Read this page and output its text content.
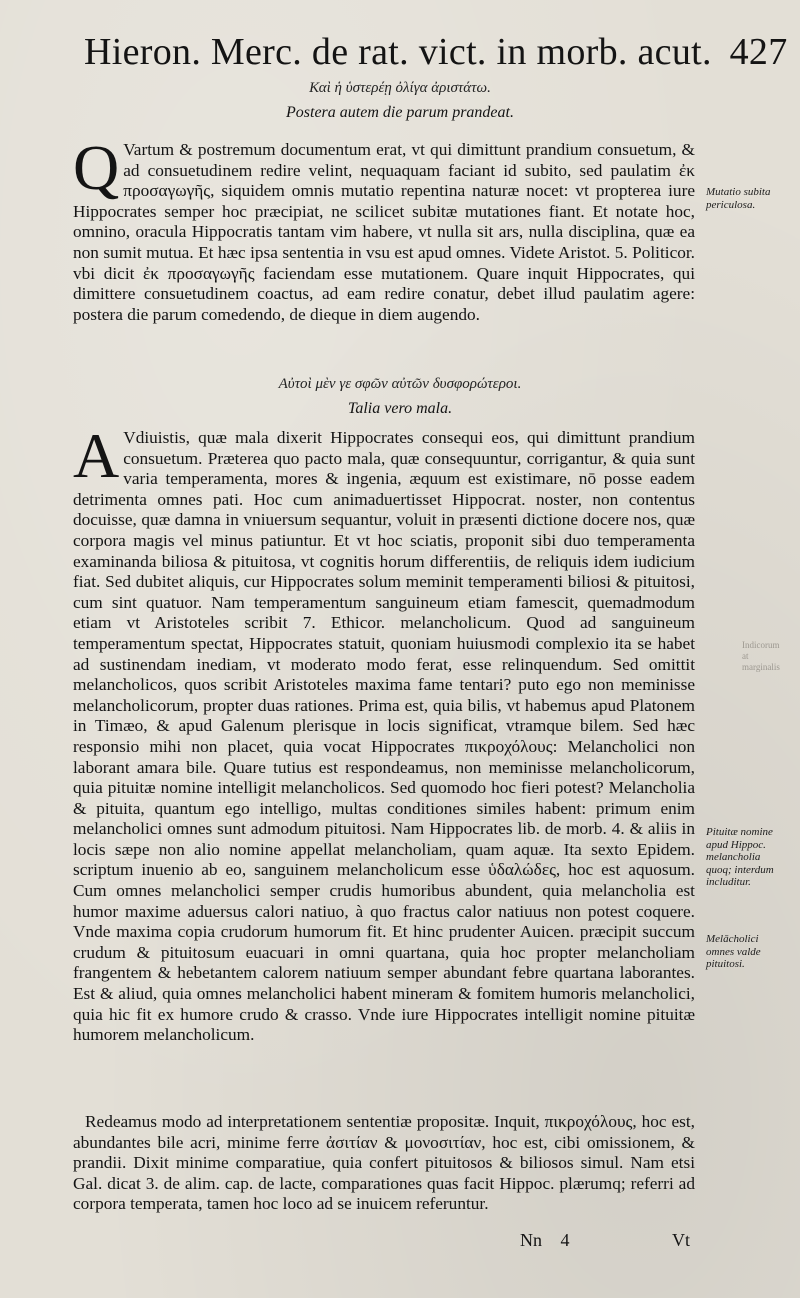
Hieron. Merc. de rat. vict. in morb. acut. 427
Καὶ ἡ ὑστερέῃ ὀλίγα ἀριστάτω.
Postera autem die parum prandeat.
Q Vartum & postremum documentum erat, vt qui dimittunt prandium consuetum, & ad consuetudinem redire velint, nequaquam faciant id subito, sed paulatim ἐκ προσαγωγῆς, siquidem omnis mutatio repentina naturæ nocet: vt propterea iure Hippocrates semper hoc præcipiat, ne scilicet subitæ mutationes fiant. Et notate hoc, omnino, oracula Hippocratis tantam vim habere, vt nulla sit ars, nulla disciplina, quæ ea non sumit mutua. Et hæc ipsa sententia in vsu est apud omnes. Videte Aristot. 5. Politicor. vbi dicit ἐκ προσαγωγῆς faciendam esse mutationem. Quare inquit Hippocrates, qui dimittere consuetudinem coactus, ad eam redire conatur, debet illud paulatim agere: postera die parum comedendo, de dieque in diem augendo.
Mutatio subita periculosa.
Αὐτοὶ μὲν γε σφῶν αὐτῶν δυσφορώτεροι.
Talia vero mala.
A Vdiuistis, quæ mala dixerit Hippocrates consequi eos, qui dimittunt prandium consuetum. Præterea quo pacto mala, quæ consequuntur, corrigantur, & quia sunt varia temperamenta, mores & ingenia, æquum est existimare, nō posse eadem detrimenta omnes pati. Hoc cum animaduertisset Hippocrat. noster, non contentus docuisse, quæ damna in vniuersum sequantur, voluit in præsenti dictione docere nos, quæ corpora magis vel minus patiuntur. Et vt hoc sciatis, proponit sibi duo temperamenta examinanda biliosa & pituitosa, vt cognitis horum differentiis, de reliquis idem iudicium fiat. Sed dubitet aliquis, cur Hippocrates solum meminit temperamenti biliosi & pituitosi, cum sint quatuor. Nam temperamentum sanguineum etiam famescit, quemadmodum etiam vt Aristoteles scribit 7. Ethicor. melancholicum. Quod ad sanguineum temperamentum spectat, Hippocrates statuit, quoniam huiusmodi complexio ita se habet ad sustinendam inediam, vt moderato modo ferat, esse relinquendum. Sed omittit melancholicos, quos scribit Aristoteles maxima fame tentari? puto ego non meminisse melancholicorum, propter duas rationes. Prima est, quia bilis, vt habemus apud Platonem in Timæo, & apud Galenum plerisque in locis significat, vtramque bilem. Sed hæc responsio mihi non placet, quia vocat Hippocrates πικροχόλους: Melancholici non laborant amara bile. Quare tutius est respondeamus, non meminisse melancholicorum, quia pituitæ nomine intelligit melancholicos. Sed quomodo hoc fieri potest? Melancholia & pituita, quantum ego intelligo, multas conditiones similes habent: primum enim melancholici omnes sunt admodum pituitosi. Nam Hippocrates lib. de morb. 4. & aliis in locis sæpe non alio nomine appellat melancholiam, quam aquæ. Ita sexto Epidem. scriptum inuenio ab eo, sanguinem melancholicum esse ὑδαλώδες, hoc est aquosum. Cum omnes melancholici semper crudis humoribus abundent, quia melancholia est humor maxime aduersus calori natiuo, à quo fractus calor natiuus non potest coquere. Vnde maxima copia crudorum humorum fit. Et hinc prudenter Auicen. præcipit succum crudum & pituitosum euacuari in omni quartana, quia hoc propter melancholiam frangentem & hebetantem calorem natiuum semper abundant febre quartana laborantes. Est & aliud, quia omnes melancholici habent mineram & fomitem humoris melancholici, quia hic fit ex humore crudo & crasso. Vnde iure Hippocrates intelligit nomine pituitæ humorem melancholicum.
Pituitæ nomine apud Hippoc. melancholia quoq; interdum includitur.
Melācholici omnes valde pituitosi.
Redeamus modo ad interpretationem sententiæ propositæ. Inquit, πικροχόλους, hoc est, abundantes bile acri, minime ferre ἀσιτίαν & μονοσιτίαν, hoc est, cibi omissionem, & prandii. Dixit minime comparatiue, quia confert pituitosos & biliosos simul. Nam etsi Gal. dicat 3. de alim. cap. de lacte, comparationes quas facit Hippoc. plærumq; referri ad corpora temperata, tamen hoc loco ad se inuicem referuntur.
Nn 4	Vt
Indicorum
at
marginalis
